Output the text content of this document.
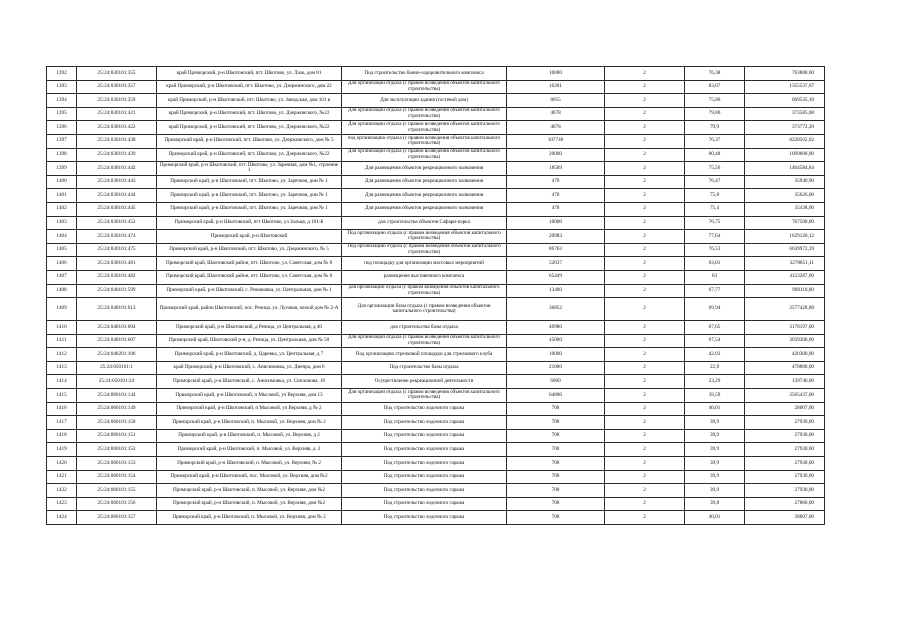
1392	25:24:030101:355	край Приморский, р-н Шкотовский, пгт. Шкотово, ул. Лазо, дом 81	Под строительство банно-оздоровительного комплекса	10000	2	76,38	763800,00
1393	25:24:030101:357	край Приморский, р-н Шкотовский, пгт. Шкотово, ул. Дзержинского, дом 22	Для организации отдыха (с правом возведения объектов капитального строительства)	16201	2	83,67	1355537,67
1394	25:24:030101:359	край Приморский, р-н Шкотовский, пгт. Шкотово, ул. Заводская, дом 101 в	Для эксплуатации здания (гостевой дом)	8055	2	75,86	609535,10
1395	25:24:030101:421	край Приморский, р-н Шкотовский, пгт. Шкотово, ул. Дзержинского, №22	Для организации отдыха (с правом возведения объектов капитального строительства)	4678	2	79,86	373585,08
1396	25:24:030101:422	край Приморский, р-н Шкотовский, пгт. Шкотово, ул. Дзержинского, №22	Для организации отдыха (с правом возведения объектов капитального строительства)	4678	2	79,9	373772,20
1397	25:24:030101:438	Приморский край, р-н Шкотовский, пгт. Шкотово, ул. Дзержинского, дом № 5	под организацию отдыха (с правом возведения объектов капитального строительства)	107746	2	76,37	8228562,02
1398	25:24:030101:439	Приморский край, р-н Шкотовский, пгт. Шкотово, ул. Дзержинского, №22	Для организации отдыха (с правом возведения объектов капитального строительства)	20000	2	80,48	1609600,00
1399	25:24:030101:442	Приморский край, р-н Шкотовский, пгт. Шкотово, ул. Заречная, дом №1, строение 1	Для размещения объектов рекреационного назначения	18589	2	75,56	1404584,84
1400	25:24:030101:443	Приморский край, р-н Шкотовский, пгт. Шкотово, ул. Заречная, дом № 1	Для размещения объектов рекреационного назначения	470	2	76,47	35940,90
1401	25:24:030101:444	Приморский край, р-н Шкотовский, пгт. Шкотово, ул. Заречная, дом № 1	Для размещения объектов рекреационного назначения	470	2	75,8	35626,00
1402	25:24:030101:445	Приморский край, р-н Шкотовский, пгт. Шкотово, ул. Заречная, дом № 1	Для размещения объектов рекреационного назначения	470	2	75,4	35438,00
1403	25:24:030101:452	Приморский край, р-н Шкотовский, пгт Шкотово, ул Зальця, д 101-Б	для строительства объектов Сафари-парка	10000	2	76,75	767500,00
1404	25:24:030101:474	Приморский край, р-н Шкотовский	Под организацию отдыха (с правом возведения объектов капитального строительства)	20983	2	77,64	1629120,12
1405	25:24:030101:475	Приморский край, р-н Шкотовский, пгт. Шкотово, ул. Дзержинского, № 5	Под организацию отдыха (с правом возведения объектов капитального строительства)	86763	2	76,53	6639972,39
1406	25:24:030101:481	Приморский край, Шкотовский район, пгт. Шкотово, ул. Советская, дом № 8	под площадку для организации массовых мероприятий	52037	2	63,01	3278851,11
1407	25:24:030101:482	Приморский край, Шкотовский район, пгт. Шкотово, ул. Советская, дом № 8	размещение выставочного комплекса	65449	2	63	4123287,00
1408	25:24:040101:599	Приморский край, р-н Шкотовский, с. Романовка, ул. Центральная, дом № 1	для организации отдыха (с правом возведения объектов капитального строительства)	13400	2	67,77	908118,00
1409	25:24:040101:613	Приморский край, район Шкотовский, пос. Речица, ул. Луговая, жилой дом № 2-А	Для организации базы отдыха (с правом возведения объектов капитального строительства)	36852	2	69,94	2577428,88
1410	25:24:040101:604	Приморский край, р-н Шкотовский, д Речица, ул Центральная, д 40	для строительства базы отдыха	46980	2	67,65	3178197,00
1411	25:24:040101:607	Приморский край, Шкотовский р-н, д. Речица, ул. Центральная, дом № 50	Для организации отдыха (с правом возведения объектов капитального строительства)	45000	2	67,54	3039300,00
1412	25:24:040201:106	Приморский край, р-н Шкотовский, д. Царевка, ул. Центральная, д 7	Под организацию стрелковой площадки для стрелкового клуба	10000	2	42,03	420300,00
1413	25:24:050101:1	край Приморский, р-н Шкотовский, с. Анисимовка, ул. Днепра, дом 6	Под строительство базы отдыха	21000	2	22,8	478800,00
1414	25:24:050101:24	Приморский край, р-н Шкотовский, с. Анисимовка, ул. Сиплонова, 18	Осуществление рекреационной деятельности	6000	2	23,29	139740,00
1415	25:24:060101:144	Приморский край, р-н Шкотовский, п Мысовой, ул Верхняя, дом 13	Для организации отдыха (с правом возведения объектов капитального строительства)	64800	2	39,59	2565437,00
1416	25:24:060101:149	Приморский край, р-н Шкотовский, п Мысовой, ул Верхняя, д № 2	Под строительство лодочного гаража	700	2	40,01	28007,00
1417	25:24:060101:150	Приморский край, р-н Шкотовский, п. Мысовой, ул. Верхняя, дом № 2	Под строительство лодочного гаража	700	2	39,9	27930,00
1418	25:24:060101:151	Приморский край, р-н Шкотовский, п. Мысовой, ул. Верхняя, д 2	Под строительство лодочного гаража	700	2	39,9	27930,00
1419	25:24:060101:152	Приморский край, р-н Шкотовский, п. Мысовой, ул. Верхняя, д. 2	Под строительство лодочного гаража	700	2	39,9	27930,00
1420	25:24:060101:153	Приморский край, р-н Шкотовский, п. Мысовой, ул. Верхняя, № 2	Под строительство лодочного гаража	700	2	39,9	27930,00
1421	25:24:060101:154	Приморский край, р-н Шкотовский, пос. Мысовой, ул. Верхняя, дом №2	Под строительство лодочного гаража	700	2	39,9	27930,00
1422	25:24:060101:155	Приморский край, р-н Шкотовский, п. Мысовой, ул. Верхняя, дом №2	Под строительство лодочного гаража	700	2	39,9	27930,00
1423	25:24:060101:156	Приморский край, р-н Шкотовский, п. Мысовой, ул. Верхняя, дом №2	Под строительство лодочного гаража	700	2	39,8	27860,00
1424	25:24:060101:157	Приморский край, р-н Шкотовский, п. Мысовой, ул. Верхняя, дом № 2	Под строительство лодочного гаража	700	2	40,01	28007,00
